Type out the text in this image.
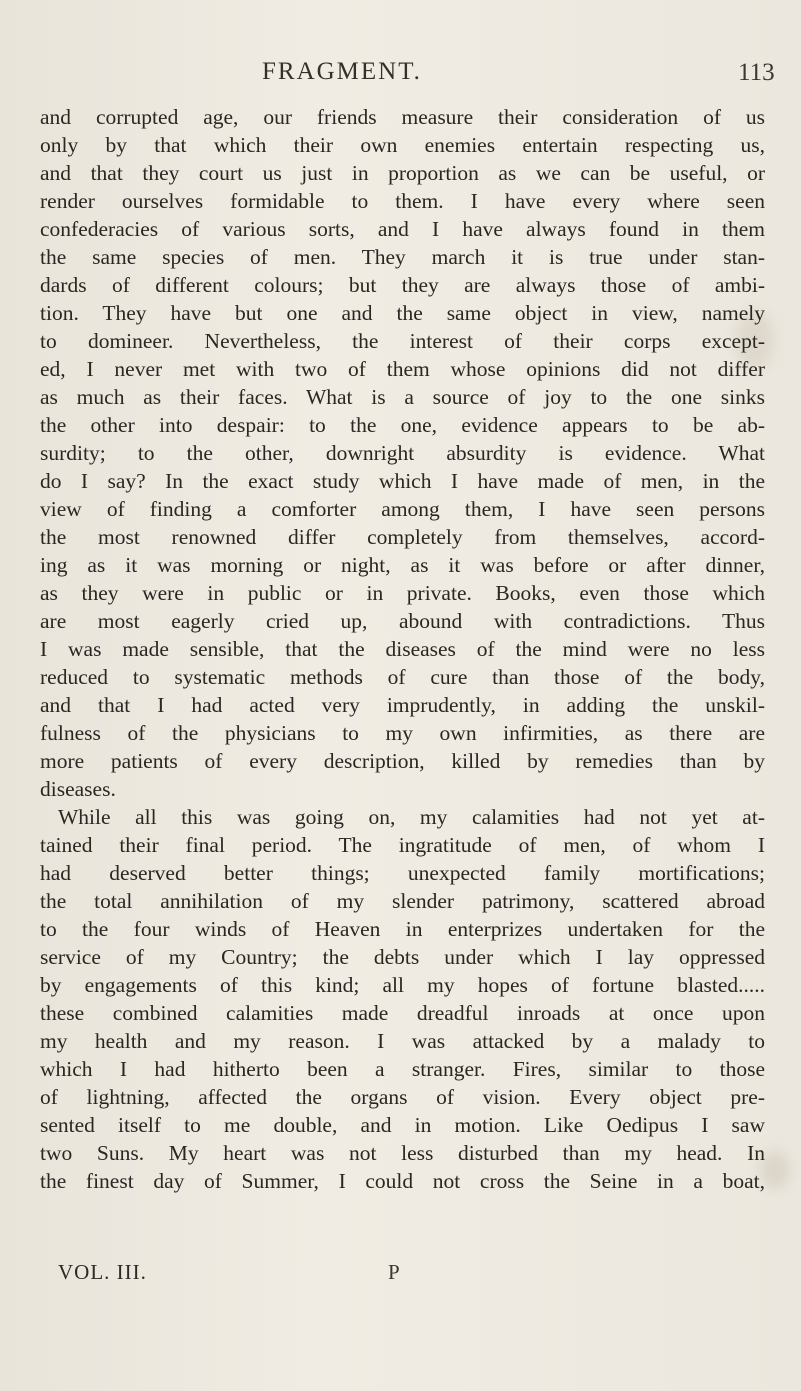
FRAGMENT.	113
and corrupted age, our friends measure their consideration of us
only by that which their own enemies entertain respecting us,
and that they court us just in proportion as we can be useful, or
render ourselves formidable to them. I have every where seen
confederacies of various sorts, and I have always found in them
the same species of men. They march it is true under stan-
dards of different colours; but they are always those of ambi-
tion. They have but one and the same object in view, namely
to domineer. Nevertheless, the interest of their corps except-
ed, I never met with two of them whose opinions did not differ
as much as their faces. What is a source of joy to the one sinks
the other into despair: to the one, evidence appears to be ab-
surdity; to the other, downright absurdity is evidence. What
do I say? In the exact study which I have made of men, in the
view of finding a comforter among them, I have seen persons
the most renowned differ completely from themselves, accord-
ing as it was morning or night, as it was before or after dinner,
as they were in public or in private. Books, even those which
are most eagerly cried up, abound with contradictions. Thus
I was made sensible, that the diseases of the mind were no less
reduced to systematic methods of cure than those of the body,
and that I had acted very imprudently, in adding the unskil-
fulness of the physicians to my own infirmities, as there are
more patients of every description, killed by remedies than by
diseases.
While all this was going on, my calamities had not yet at-
tained their final period. The ingratitude of men, of whom I
had deserved better things; unexpected family mortifications;
the total annihilation of my slender patrimony, scattered abroad
to the four winds of Heaven in enterprizes undertaken for the
service of my Country; the debts under which I lay oppressed
by engagements of this kind; all my hopes of fortune blasted.....
these combined calamities made dreadful inroads at once upon
my health and my reason. I was attacked by a malady to
which I had hitherto been a stranger. Fires, similar to those
of lightning, affected the organs of vision. Every object pre-
sented itself to me double, and in motion. Like Oedipus I saw
two Suns. My heart was not less disturbed than my head. In
the finest day of Summer, I could not cross the Seine in a boat,
VOL. III.	P
